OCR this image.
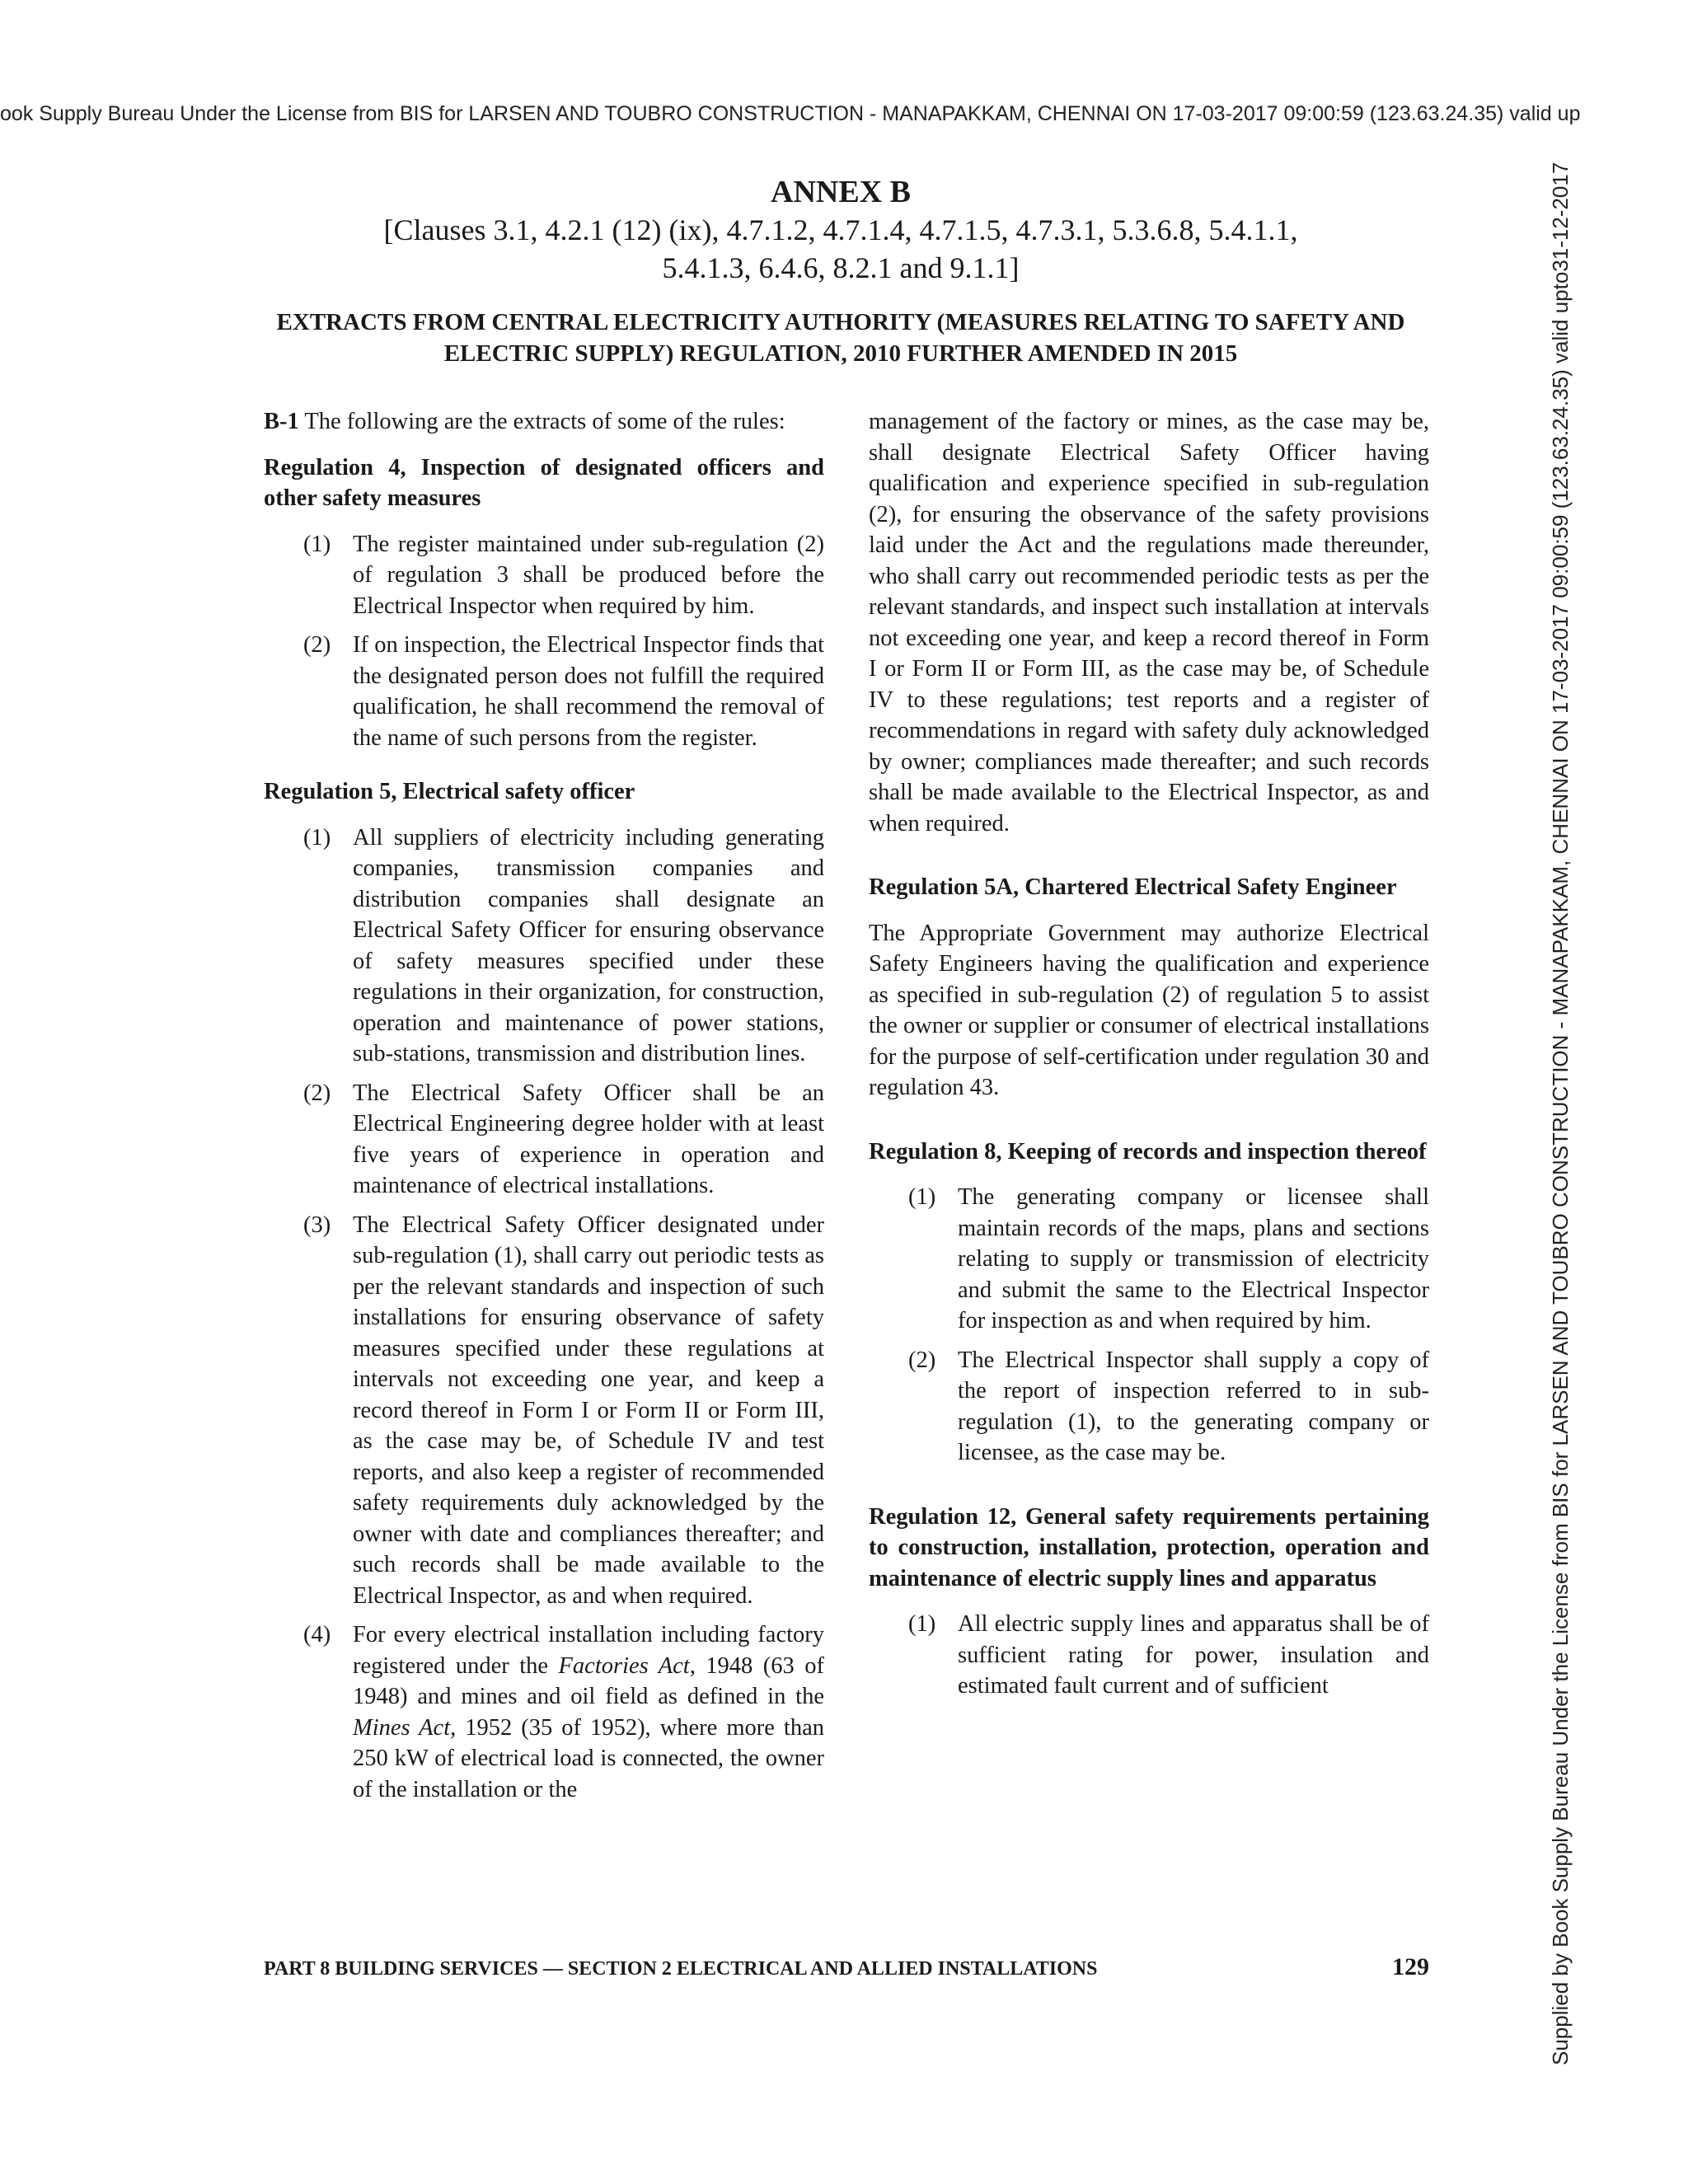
ook Supply Bureau Under the License from BIS for LARSEN AND TOUBRO CONSTRUCTION - MANAPAKKAM, CHENNAI ON 17-03-2017 09:00:59 (123.63.24.35) valid up
Supplied by Book Supply Bureau Under the License from BIS for LARSEN AND TOUBRO CONSTRUCTION - MANAPAKKAM, CHENNAI ON 17-03-2017 09:00:59 (123.63.24.35) valid upto31-12-2017

ANNEX B

[Clauses 3.1, 4.2.1 (12) (ix), 4.7.1.2, 4.7.1.4, 4.7.1.5, 4.7.3.1, 5.3.6.8, 5.4.1.1,

5.4.1.3, 6.4.6, 8.2.1 and 9.1.1]

EXTRACTS FROM CENTRAL ELECTRICITY AUTHORITY (MEASURES RELATING TO SAFETY AND ELECTRIC SUPPLY) REGULATION, 2010 FURTHER AMENDED IN 2015

B-1 The following are the extracts of some of the rules:

Regulation 4, Inspection of designated officers and other safety measures

(1) The register maintained under sub-regulation (2) of regulation 3 shall be produced before the Electrical Inspector when required by him.
(2) If on inspection, the Electrical Inspector finds that the designated person does not fulfill the required qualification, he shall recommend the removal of the name of such persons from the register.

Regulation 5, Electrical safety officer

(1) All suppliers of electricity including generating companies, transmission companies and distribution companies shall designate an Electrical Safety Officer for ensuring observance of safety measures specified under these regulations in their organization, for construction, operation and maintenance of power stations, sub-stations, transmission and distribution lines.
(2) The Electrical Safety Officer shall be an Electrical Engineering degree holder with at least five years of experience in operation and maintenance of electrical installations.
(3) The Electrical Safety Officer designated under sub-regulation (1), shall carry out periodic tests as per the relevant standards and inspection of such installations for ensuring observance of safety measures specified under these regulations at intervals not exceeding one year, and keep a record thereof in Form I or Form II or Form III, as the case may be, of Schedule IV and test reports, and also keep a register of recommended safety requirements duly acknowledged by the owner with date and compliances thereafter; and such records shall be made available to the Electrical Inspector, as and when required.
(4) For every electrical installation including factory registered under the Factories Act, 1948 (63 of 1948) and mines and oil field as defined in the Mines Act, 1952 (35 of 1952), where more than 250 kW of electrical load is connected, the owner of the installation or the

management of the factory or mines, as the case may be, shall designate Electrical Safety Officer having qualification and experience specified in sub-regulation (2), for ensuring the observance of the safety provisions laid under the Act and the regulations made thereunder, who shall carry out recommended periodic tests as per the relevant standards, and inspect such installation at intervals not exceeding one year, and keep a record thereof in Form I or Form II or Form III, as the case may be, of Schedule IV to these regulations; test reports and a register of recommendations in regard with safety duly acknowledged by owner; compliances made thereafter; and such records shall be made available to the Electrical Inspector, as and when required.

Regulation 5A, Chartered Electrical Safety Engineer

The Appropriate Government may authorize Electrical Safety Engineers having the qualification and experience as specified in sub-regulation (2) of regulation 5 to assist the owner or supplier or consumer of electrical installations for the purpose of self-certification under regulation 30 and regulation 43.

Regulation 8, Keeping of records and inspection thereof

(1) The generating company or licensee shall maintain records of the maps, plans and sections relating to supply or transmission of electricity and submit the same to the Electrical Inspector for inspection as and when required by him.
(2) The Electrical Inspector shall supply a copy of the report of inspection referred to in sub-regulation (1), to the generating company or licensee, as the case may be.

Regulation 12, General safety requirements pertaining to construction, installation, protection, operation and maintenance of electric supply lines and apparatus

(1) All electric supply lines and apparatus shall be of sufficient rating for power, insulation and estimated fault current and of sufficient
PART 8 BUILDING SERVICES — SECTION 2 ELECTRICAL AND ALLIED INSTALLATIONS	129
